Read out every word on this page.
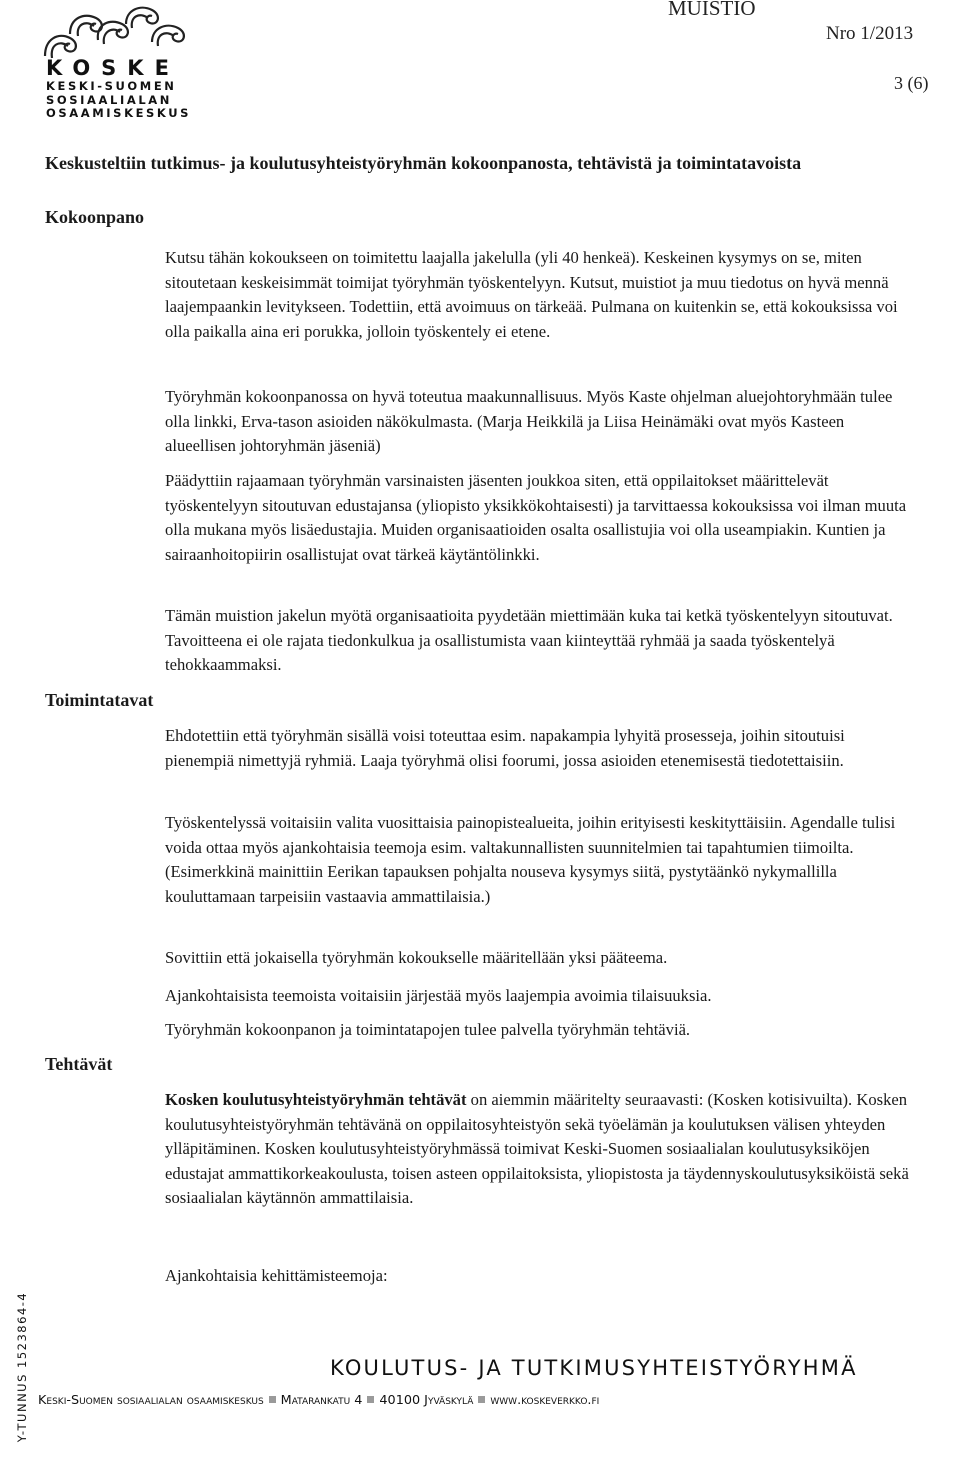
KOSKE
KESKI-SUOMEN
SOSIAALIALAN
OSAAMISKESKUS
MUISTIO
Nro 1/2013
3 (6)
Keskusteltiin tutkimus- ja koulutusyhteistyöryhmän kokoonpanosta, tehtävistä ja toimintatavoista
Kokoonpano
Toimintatavat
Tehtävät

Kutsu tähän kokoukseen on toimitettu laajalla jakelulla (yli 40 henkeä). Keskeinen kysymys on se, miten sitoutetaan keskeisimmät toimijat työryhmän työskentelyyn. Kutsut, muistiot ja muu tiedotus on hyvä mennä laajempaankin levitykseen. Todettiin, että avoimuus on tärkeää. Pulmana on kuitenkin se, että kokouksissa voi olla paikalla aina eri porukka, jolloin työskentely ei etene.

Työryhmän kokoonpanossa on hyvä toteutua maakunnallisuus. Myös Kaste ohjelman aluejohtoryhmään tulee olla linkki, Erva-tason asioiden näkökulmasta. (Marja Heikkilä ja Liisa Heinämäki ovat myös Kasteen alueellisen johtoryhmän jäseniä)

Päädyttiin rajaamaan työryhmän varsinaisten jäsenten joukkoa siten, että oppilaitokset määrittelevät työskentelyyn sitoutuvan edustajansa (yliopisto yksikkökohtaisesti) ja tarvittaessa kokouksissa voi ilman muuta olla mukana myös lisäedustajia. Muiden organisaatioiden osalta osallistujia voi olla useampiakin. Kuntien ja sairaanhoitopiirin osallistujat ovat tärkeä käytäntölinkki.

Tämän muistion jakelun myötä organisaatioita pyydetään miettimään kuka tai ketkä työskentelyyn sitoutuvat. Tavoitteena ei ole rajata tiedonkulkua ja osallistumista vaan kiinteyttää ryhmää ja saada työskentelyä tehokkaammaksi.

Ehdotettiin että työryhmän sisällä voisi toteuttaa esim. napakampia lyhyitä prosesseja, joihin sitoutuisi pienempiä nimettyjä ryhmiä. Laaja työryhmä olisi foorumi, jossa asioiden etenemisestä tiedotettaisiin.

Työskentelyssä voitaisiin valita vuosittaisia painopistealueita, joihin erityisesti keskityttäisiin. Agendalle tulisi voida ottaa myös ajankohtaisia teemoja esim. valtakunnallisten suunnitelmien tai tapahtumien tiimoilta. (Esimerkkinä mainittiin Eerikan tapauksen pohjalta nouseva kysymys siitä, pystytäänkö nykymallilla kouluttamaan tarpeisiin vastaavia ammattilaisia.)

Sovittiin että jokaisella työryhmän kokoukselle määritellään yksi pääteema.

Ajankohtaisista teemoista voitaisiin järjestää myös laajempia avoimia tilaisuuksia.

Työryhmän kokoonpanon ja toimintatapojen tulee palvella työryhmän tehtäviä.

Kosken koulutusyhteistyöryhmän tehtävät on aiemmin määritelty seuraavasti: (Kosken kotisivuilta). Kosken koulutusyhteistyöryhmän tehtävänä on oppilaitosyhteistyön sekä työelämän ja koulutuksen välisen yhteyden ylläpitäminen. Kosken koulutusyhteistyöryhmässä toimivat Keski-Suomen sosiaalialan koulutusyksiköjen edustajat ammattikorkeakoulusta, toisen asteen oppilaitoksista, yliopistosta ja täydennyskoulutusyksiköistä sekä sosiaalialan käytännön ammattilaisia.

Ajankohtaisia kehittämisteemoja:

KOULUTUS- JA TUTKIMUSYHTEISTYÖRYHMÄ
Keski-Suomen sosiaalialan osaamiskeskus Matarankatu 4 40100 Jyväskylä www.koskeverkko.fi
Y-TUNNUS 1523864-4
